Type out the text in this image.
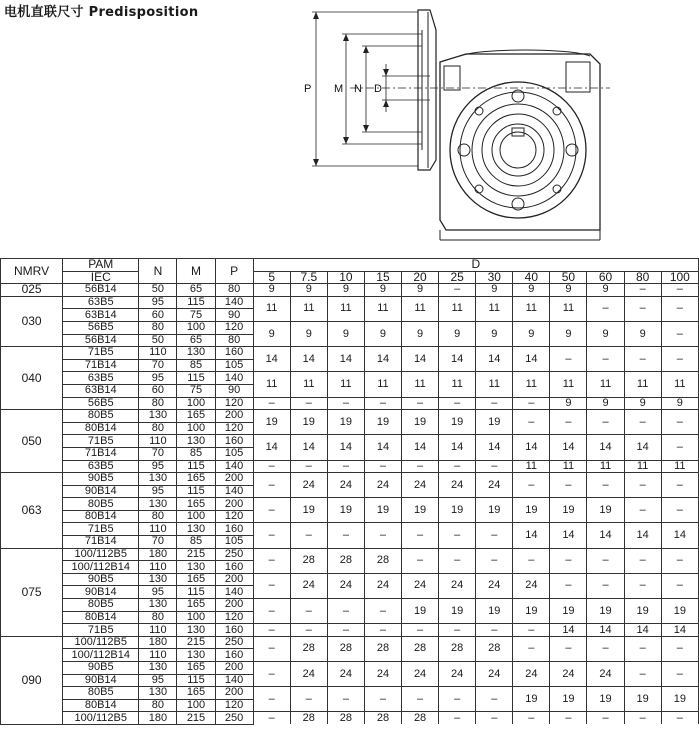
电机直联尺寸 Predisposition
P M N D
NMRV	PAM	N	M	P	D											
	IEC				5	7.5	10	15	20	25	30	40	50	60	80	100
025	56B14	50	65	80	9	9	9	9	9	–	9	9	9	9	–	–
030	63B5	95	115	140	11	11	11	11	11	11	11	11	11	–	–	–
	63B14	60	75	90												
	56B5	80	100	120	9	9	9	9	9	9	9	9	9	9	9	–
	56B14	50	65	80												
040	71B5	110	130	160	14	14	14	14	14	14	14	14	–	–	–	–
	71B14	70	85	105												
	63B5	95	115	140	11	11	11	11	11	11	11	11	11	11	11	11
	63B14	60	75	90												
	56B5	80	100	120	–	–	–	–	–	–	–	–	9	9	9	9
050	80B5	130	165	200	19	19	19	19	19	19	19	–	–	–	–	–
	80B14	80	100	120												
	71B5	110	130	160	14	14	14	14	14	14	14	14	14	14	14	–
	71B14	70	85	105												
	63B5	95	115	140	–	–	–	–	–	–	–	11	11	11	11	11
063	90B5	130	165	200	–	24	24	24	24	24	24	–	–	–	–	–
	90B14	95	115	140												
	80B5	130	165	200	–	19	19	19	19	19	19	19	19	19	–	–
	80B14	80	100	120												
	71B5	110	130	160	–	–	–	–	–	–	–	14	14	14	14	14
	71B14	70	85	105												
075	100/112B5	180	215	250	–	28	28	28	–	–	–	–	–	–	–	–
	100/112B14	110	130	160												
	90B5	130	165	200	–	24	24	24	24	24	24	24	–	–	–	–
	90B14	95	115	140												
	80B5	130	165	200	–	–	–	–	19	19	19	19	19	19	19	19
	80B14	80	100	120												
	71B5	110	130	160	–	–	–	–	–	–	–	–	14	14	14	14
090	100/112B5	180	215	250	–	28	28	28	28	28	28	–	–	–	–	–
	100/112B14	110	130	160												
	90B5	130	165	200	–	24	24	24	24	24	24	24	24	24	–	–
	90B14	95	115	140												
	80B5	130	165	200	–	–	–	–	–	–	–	19	19	19	19	19
	80B14	80	100	120												
	100/112B5	180	215	250	–	28	28	28	28	–	–	–	–	–	–	–
